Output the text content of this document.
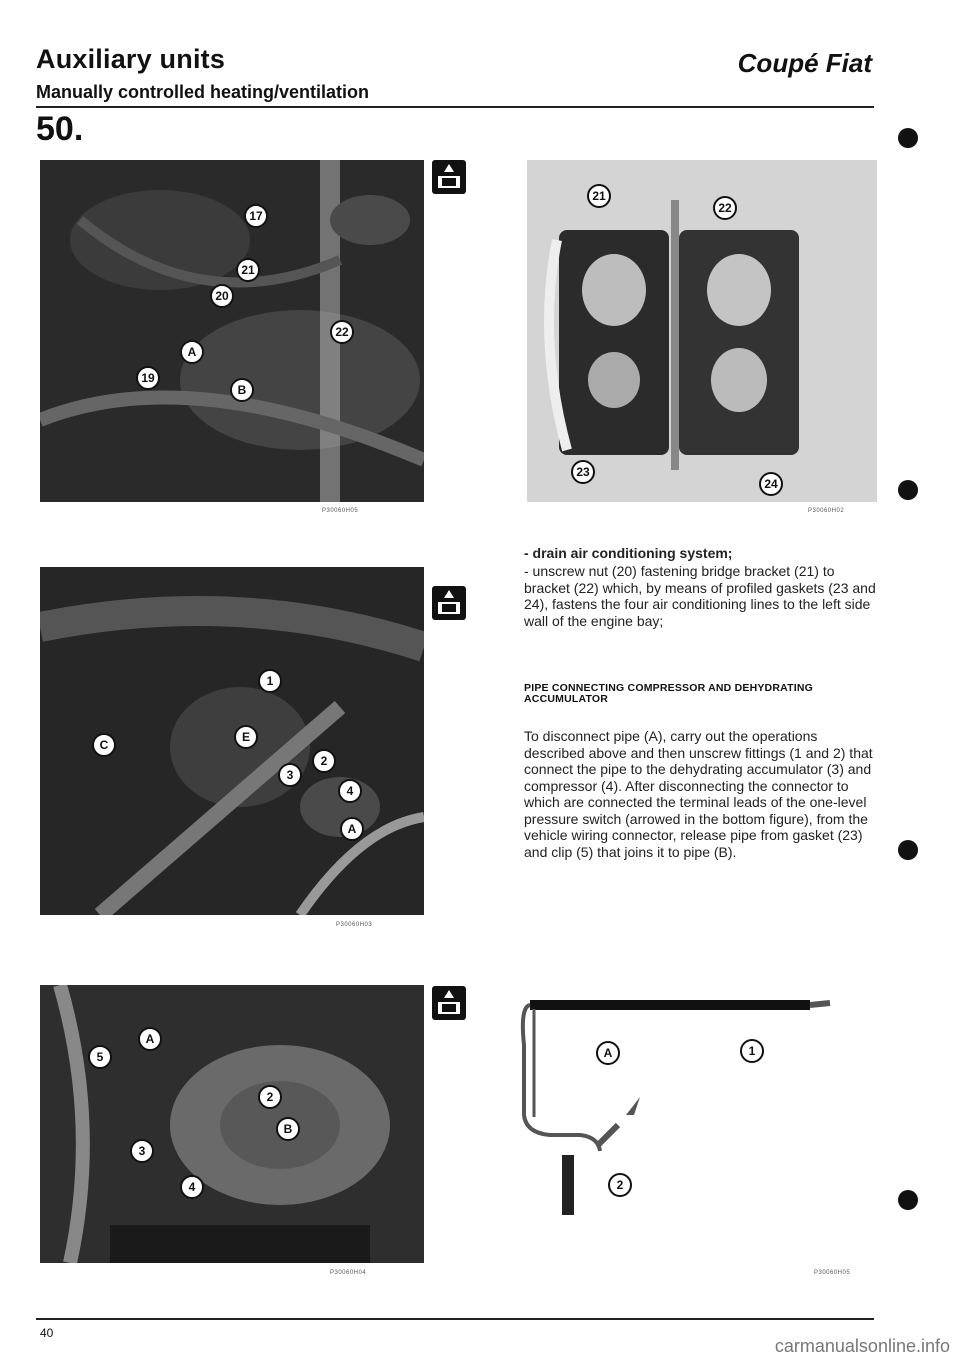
Auxiliary units
Manually controlled heating/ventilation
Coupé Fiat
50.
17
21
20
22
A
19
B
P30060H05
21
22
23
24
P30060H02
1
2
3
E
C
A
4
P30060H03
- drain air conditioning system;
- unscrew nut (20) fastening bridge bracket (21) to bracket (22) which, by means of profiled gaskets (23 and 24), fastens the four air conditioning lines to the left side wall of the engine bay;
PIPE CONNECTING COMPRESSOR AND DEHYDRATING ACCUMULATOR
To disconnect pipe (A), carry out the operations described above and then unscrew fittings (1 and 2) that connect the pipe to the dehydrating accumulator (3) and compressor (4). After disconnecting the connector to which are connected the terminal leads of the one-level pressure switch (arrowed in the bottom figure), from the vehicle wiring connector, release pipe from gasket (23) and clip (5) that joins it to pipe (B).
5
A
2
B
3
4
P30060H04
A	1
2
P30060H05
40
carmanualsonline.info
